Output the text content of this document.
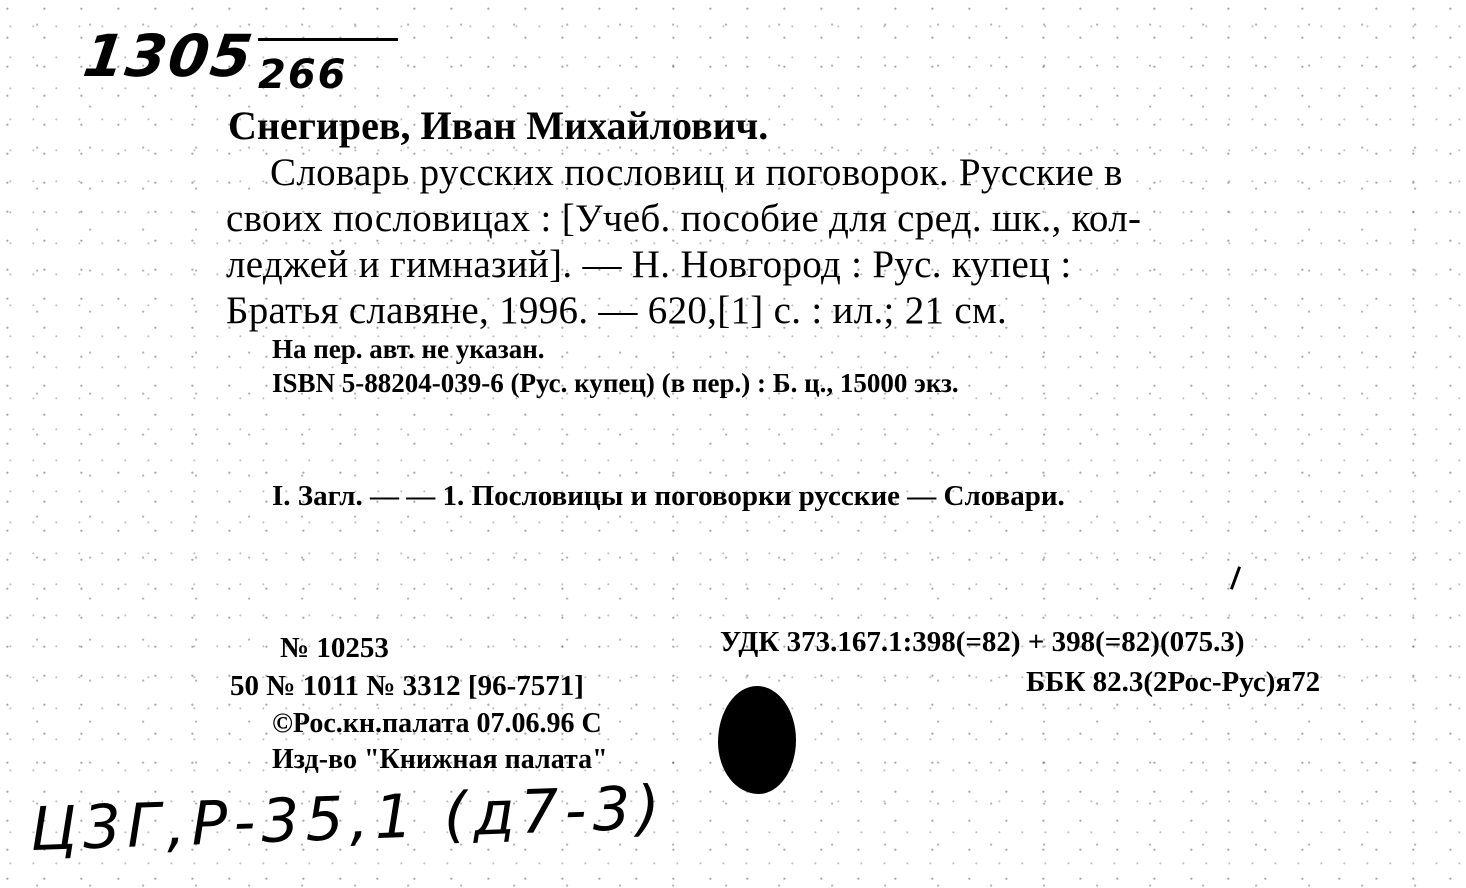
1305 266
Снегирев, Иван Михайлович.
Словарь русских пословиц и поговорок. Русские в
своих пословицах : [Учеб. пособие для сред. шк., кол-
леджей и гимназий]. — Н. Новгород : Рус. купец :
Братья славяне, 1996. — 620,[1] с. : ил.; 21 см.
На пер. авт. не указан.
ISBN 5-88204-039-6 (Рус. купец) (в пер.) : Б. ц., 15000 экз.
I. Загл. — — 1. Пословицы и поговорки русские — Словари.
№ 10253	УДК 373.167.1:398(=82) + 398(=82)(075.3)
50 № 1011 № 3312 [96-7571]	ББК 82.3(2Рос-Рус)я72
©Рос.кн.палата 07.06.96 С
Изд-во "Книжная палата"
Ц3Г,Р-35,1 (д7-3)
